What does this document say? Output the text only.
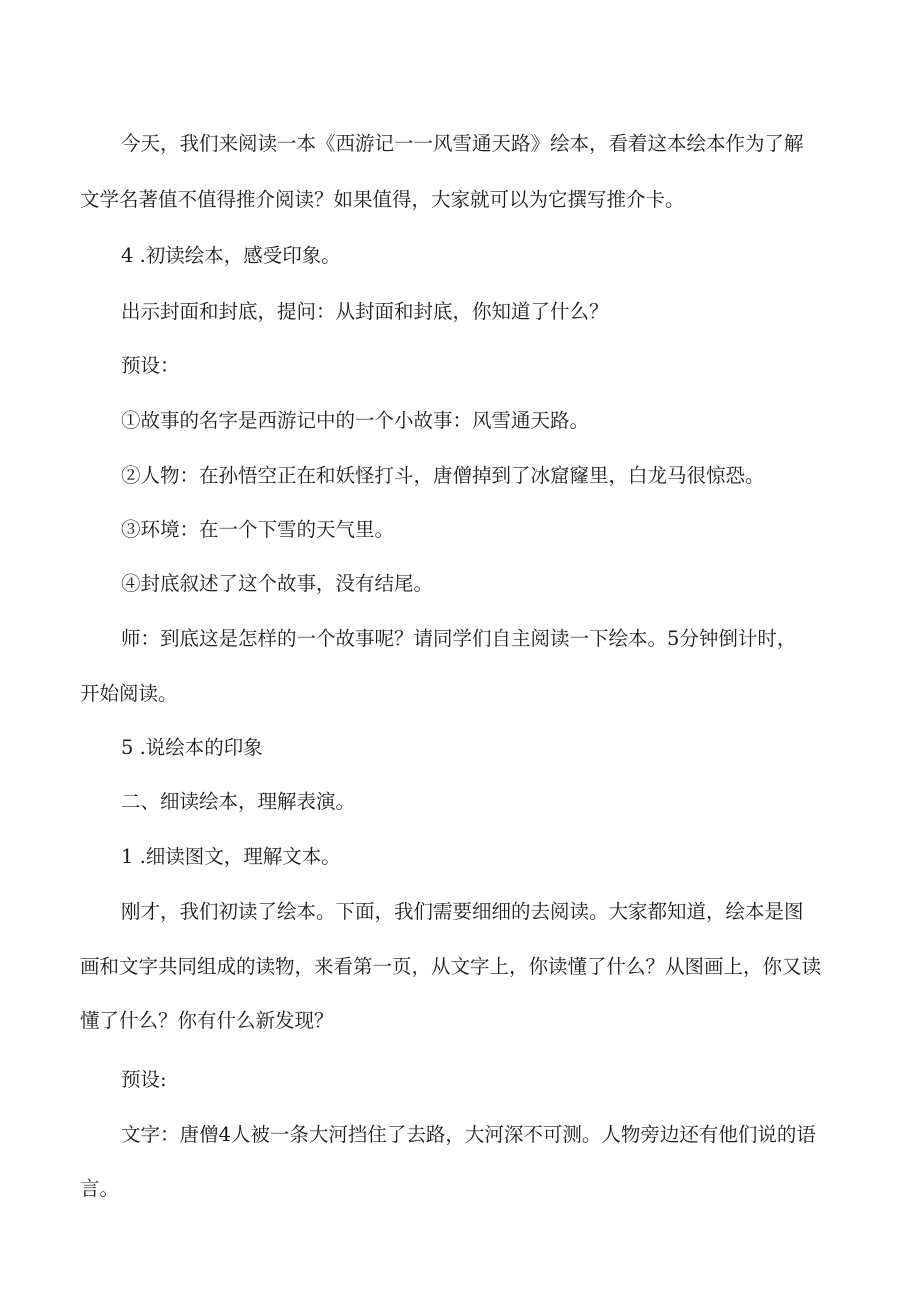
今天，我们来阅读一本《西游记一一风雪通天路》绘本，看着这本绘本作为了解
文学名著值不值得推介阅读？如果值得，大家就可以为它撰写推介卡。
4 .初读绘本，感受印象。
出示封面和封底，提问：从封面和封底，你知道了什么？
预设：
①故事的名字是西游记中的一个小故事：风雪通天路。
②人物：在孙悟空正在和妖怪打斗，唐僧掉到了冰窟窿里，白龙马很惊恐。
③环境：在一个下雪的天气里。
④封底叙述了这个故事，没有结尾。
师：到底这是怎样的一个故事呢？请同学们自主阅读一下绘本。5分钟倒计时，
开始阅读。
5 .说绘本的印象
二、细读绘本，理解表演。
1 .细读图文，理解文本。
刚才，我们初读了绘本。下面，我们需要细细的去阅读。大家都知道，绘本是图
画和文字共同组成的读物，来看第一页，从文字上，你读懂了什么？从图画上，你又读
懂了什么？你有什么新发现？
预设:
文字：唐僧4人被一条大河挡住了去路，大河深不可测。人物旁边还有他们说的语
言。
